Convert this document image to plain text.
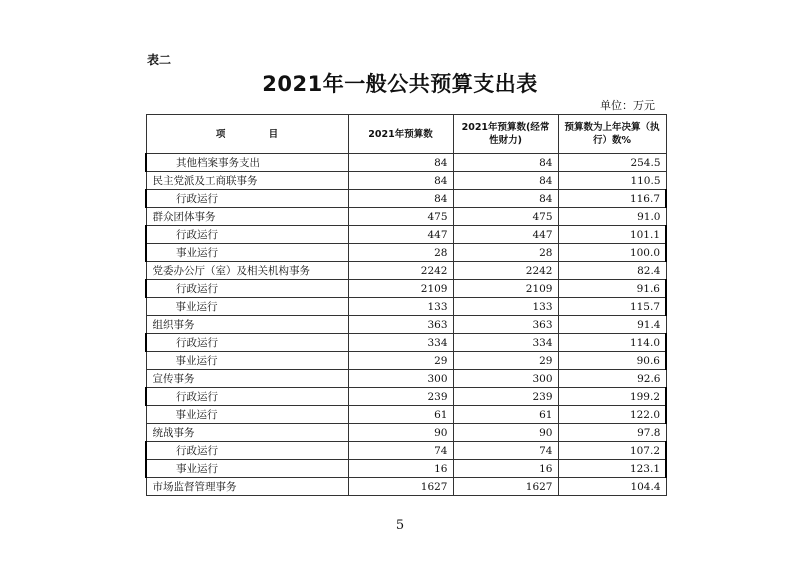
表二
2021年一般公共预算支出表
单位：万元
项 目	2021年预算数	2021年预算数(经常性财力)	预算数为上年决算（执行）数%
其他档案事务支出	84	84	254.5
民主党派及工商联事务	84	84	110.5
行政运行	84	84	116.7
群众团体事务	475	475	91.0
行政运行	447	447	101.1
事业运行	28	28	100.0
党委办公厅（室）及相关机构事务	2242	2242	82.4
行政运行	2109	2109	91.6
事业运行	133	133	115.7
组织事务	363	363	91.4
行政运行	334	334	114.0
事业运行	29	29	90.6
宣传事务	300	300	92.6
行政运行	239	239	199.2
事业运行	61	61	122.0
统战事务	90	90	97.8
行政运行	74	74	107.2
事业运行	16	16	123.1
市场监督管理事务	1627	1627	104.4
5
